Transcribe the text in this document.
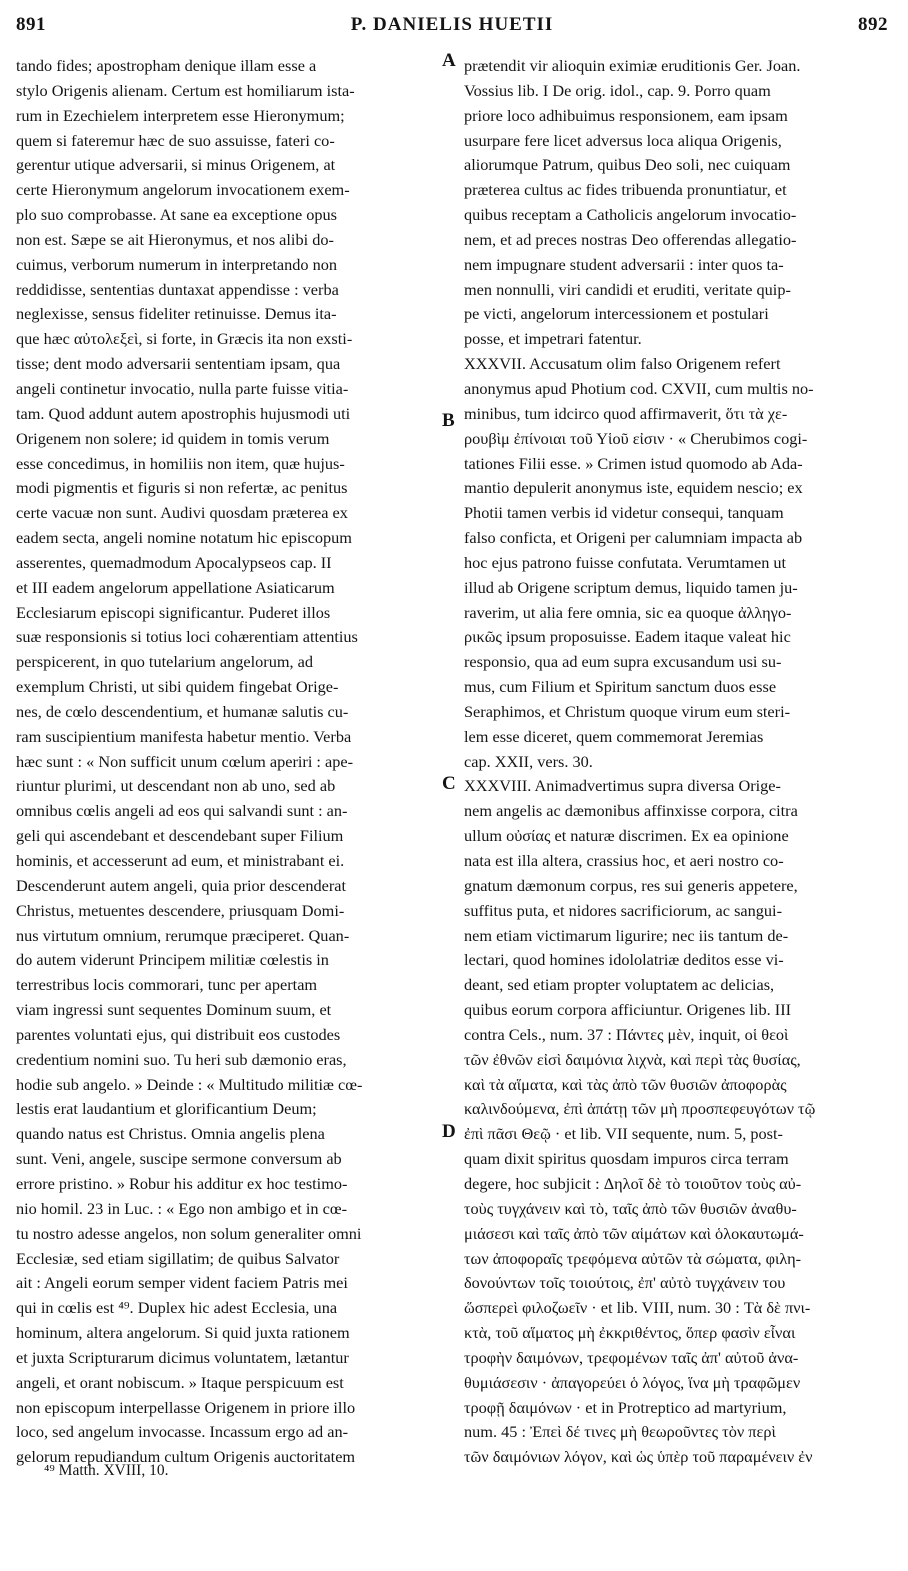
891	P. DANIELIS HUETII	892
tando fides; apostropham denique illam esse a
stylo Origenis alienam. Certum est homiliarum ista-
rum in Ezechielem interpretem esse Hieronymum;
quem si fateremur hæc de suo assuisse, fateri co-
gerentur utique adversarii, si minus Origenem, at
certe Hieronymum angelorum invocationem exem-
plo suo comprobasse. At sane ea exceptione opus
non est. Sæpe se ait Hieronymus, et nos alibi do-
cuimus, verborum numerum in interpretando non
reddidisse, sententias duntaxat appendisse : verba
neglexisse, sensus fideliter retinuisse. Demus ita-
que hæc αὐτολεξεὶ, si forte, in Græcis ita non exsti-
tisse; dent modo adversarii sententiam ipsam, qua
angeli continetur invocatio, nulla parte fuisse vitia-
tam. Quod addunt autem apostrophis hujusmodi uti
Origenem non solere; id quidem in tomis verum
esse concedimus, in homiliis non item, quæ hujus-
modi pigmentis et figuris si non refertæ, ac penitus
certe vacuæ non sunt. Audivi quosdam præterea ex
eadem secta, angeli nomine notatum hic episcopum
asserentes, quemadmodum Apocalypseos cap. II
et III eadem angelorum appellatione Asiaticarum
Ecclesiarum episcopi significantur. Puderet illos
suæ responsionis si totius loci cohærentiam attentius
perspicerent, in quo tutelarium angelorum, ad
exemplum Christi, ut sibi quidem fingebat Orige-
nes, de cœlo descendentium, et humanæ salutis cu-
ram suscipientium manifesta habetur mentio. Verba
hæc sunt : « Non sufficit unum cœlum aperiri : ape-
riuntur plurimi, ut descendant non ab uno, sed ab
omnibus cœlis angeli ad eos qui salvandi sunt : an-
geli qui ascendebant et descendebant super Filium
hominis, et accesserunt ad eum, et ministrabant ei.
Descenderunt autem angeli, quia prior descenderat
Christus, metuentes descendere, priusquam Domi-
nus virtutum omnium, rerumque præciperet. Quan-
do autem viderunt Principem militiæ cœlestis in
terrestribus locis commorari, tunc per apertam
viam ingressi sunt sequentes Dominum suum, et
parentes voluntati ejus, qui distribuit eos custodes
credentium nomini suo. Tu heri sub dæmonio eras,
hodie sub angelo. » Deinde : « Multitudo militiæ cœ-
lestis erat laudantium et glorificantium Deum;
quando natus est Christus. Omnia angelis plena
sunt. Veni, angele, suscipe sermone conversum ab
errore pristino. » Robur his additur ex hoc testimo-
nio homil. 23 in Luc. : « Ego non ambigo et in cœ-
tu nostro adesse angelos, non solum generaliter omni
Ecclesiæ, sed etiam sigillatim; de quibus Salvator
ait : Angeli eorum semper vident faciem Patris mei
qui in cœlis est ⁴⁹. Duplex hic adest Ecclesia, una
hominum, altera angelorum. Si quid juxta rationem
et juxta Scripturarum dicimus voluntatem, lætantur
angeli, et orant nobiscum. » Itaque perspicuum est
non episcopum interpellasse Origenem in priore illo
loco, sed angelum invocasse. Incassum ergo ad an-
gelorum repudiandum cultum Origenis auctoritatem
prætendit vir alioquin eximiæ eruditionis Ger. Joan.
Vossius lib. I De orig. idol., cap. 9. Porro quam
priore loco adhibuimus responsionem, eam ipsam
usurpare fere licet adversus loca aliqua Origenis,
aliorumque Patrum, quibus Deo soli, nec cuiquam
præterea cultus ac fides tribuenda pronuntiatur, et
quibus receptam a Catholicis angelorum invocatio-
nem, et ad preces nostras Deo offerendas allegatio-
nem impugnare student adversarii : inter quos ta-
men nonnulli, viri candidi et eruditi, veritate quip-
pe victi, angelorum intercessionem et postulari
posse, et impetrari fatentur.
XXXVII. Accusatum olim falso Origenem refert
anonymus apud Photium cod. CXVII, cum multis no-
minibus, tum idcirco quod affirmaverit, ὅτι τὰ χε-
ρουβὶμ ἐπίνοιαι τοῦ Υἱοῦ εἰσιν · « Cherubimos cogi-
tationes Filii esse. » Crimen istud quomodo ab Ada-
mantio depulerit anonymus iste, equidem nescio; ex
Photii tamen verbis id videtur consequi, tanquam
falso conficta, et Origeni per calumniam impacta ab
hoc ejus patrono fuisse confutata. Verumtamen ut
illud ab Origene scriptum demus, liquido tamen ju-
raverim, ut alia fere omnia, sic ea quoque ἀλληγο-
ρικῶς ipsum proposuisse. Eadem itaque valeat hic
responsio, qua ad eum supra excusandum usi su-
mus, cum Filium et Spiritum sanctum duos esse
Seraphimos, et Christum quoque virum eum steri-
lem esse diceret, quem commemorat Jeremias
cap. XXII, vers. 30.
XXXVIII. Animadvertimus supra diversa Orige-
nem angelis ac dæmonibus affinxisse corpora, citra
ullum οὐσίας et naturæ discrimen. Ex ea opinione
nata est illa altera, crassius hoc, et aeri nostro co-
gnatum dæmonum corpus, res sui generis appetere,
suffitus puta, et nidores sacrificiorum, ac sangui-
nem etiam victimarum ligurire; nec iis tantum de-
lectari, quod homines idololatriæ deditos esse vi-
deant, sed etiam propter voluptatem ac delicias,
quibus eorum corpora afficiuntur. Origenes lib. III
contra Cels., num. 37 : Πάντες μὲν, inquit, οἱ θεοὶ
τῶν ἐθνῶν εἰσὶ δαιμόνια λιχνὰ, καὶ περὶ τὰς θυσίας,
καὶ τὰ αἵματα, καὶ τὰς ἀπὸ τῶν θυσιῶν ἀποφορὰς
καλινδούμενα, ἐπὶ ἀπάτῃ τῶν μὴ προσπεφευγότων τῷ
ἐπὶ πᾶσι Θεῷ · et lib. VII sequente, num. 5, post-
quam dixit spiritus quosdam impuros circa terram
degere, hoc subjicit : Δηλοῖ δὲ τὸ τοιοῦτον τοὺς αὐ-
τοὺς τυγχάνειν καὶ τὸ, ταῖς ἀπὸ τῶν θυσιῶν ἀναθυ-
μιάσεσι καὶ ταῖς ἀπὸ τῶν αἱμάτων καὶ ὁλοκαυτωμά-
των ἀποφοραῖς τρεφόμενα αὐτῶν τὰ σώματα, φιλη-
δονούντων τοῖς τοιούτοις, ἐπ' αὐτὸ τυγχάνειν του
ὥσπερεὶ φιλοζωεῖν · et lib. VIII, num. 30 : Τὰ δὲ πνι-
κτὰ, τοῦ αἵματος μὴ ἐκκριθέντος, ὅπερ φασὶν εἶναι
τροφὴν δαιμόνων, τρεφομένων ταῖς ἀπ' αὐτοῦ ἀνα-
θυμιάσεσιν · ἀπαγορεύει ὁ λόγος, ἵνα μὴ τραφῶμεν
τροφῇ δαιμόνων · et in Protreptico ad martyrium,
num. 45 : Ἐπεὶ δέ τινες μὴ θεωροῦντες τὸν περὶ
τῶν δαιμόνιων λόγον, καὶ ὡς ὑπὲρ τοῦ παραμένειν ἐν
A
B
C
D
⁴⁹ Matth. XVIII, 10.
